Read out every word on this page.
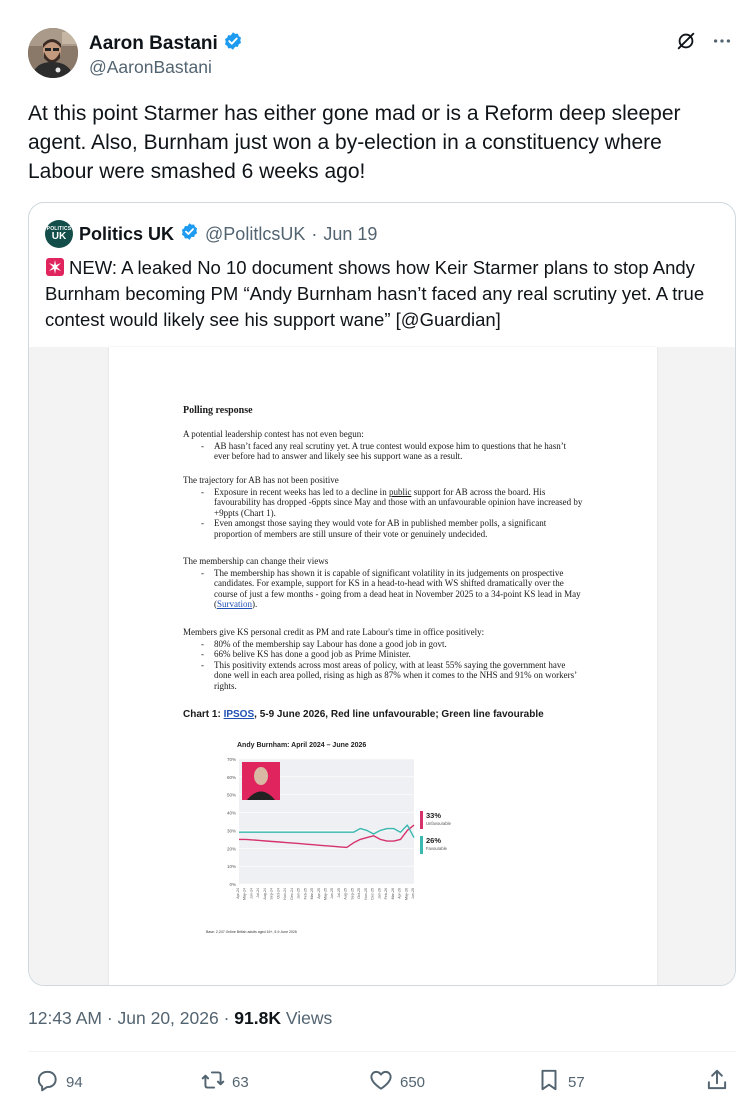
Aaron Bastani
@AaronBastani
At this point Starmer has either gone mad or is a Reform deep sleeper agent. Also, Burnham just won a by-election in a constituency where Labour were smashed 6 weeks ago!
POLITICS
UK Politics UK @PolitlcsUK · Jun 19
NEW: A leaked No 10 document shows how Keir Starmer plans to stop Andy Burnham becoming PM “Andy Burnham hasn’t faced any real scrutiny yet. A true contest would likely see his support wane” [@Guardian]
Polling response
A potential leadership contest has not even begun:
- AB hasn’t faced any real scrutiny yet. A true contest would expose him to questions that he hasn’t ever before had to answer and likely see his support wane as a result.
The trajectory for AB has not been positive
- Exposure in recent weeks has led to a decline in public support for AB across the board. His favourability has dropped -6ppts since May and those with an unfavourable opinion have increased by +9ppts (Chart 1).
- Even amongst those saying they would vote for AB in published member polls, a significant proportion of members are still unsure of their vote or genuinely undecided.
The membership can change their views
- The membership has shown it is capable of significant volatility in its judgements on prospective candidates. For example, support for KS in a head-to-head with WS shifted dramatically over the course of just a few months - going from a dead heat in November 2025 to a 34-point KS lead in May (Survation).
Members give KS personal credit as PM and rate Labour's time in office positively:
- 80% of the membership say Labour has done a good job in govt.
- 66% belive KS has done a good job as Prime Minister.
- This positivity extends across most areas of policy, with at least 55% saying the government have done well in each area polled, rising as high as 87% when it comes to the NHS and 91% on workers’ rights.
Chart 1: IPSOS, 5-9 June 2026, Red line unfavourable; Green line favourable
Andy Burnham: April 2024 – June 2026
70%
60%
50%
40%
30%
20%
10%
0%
Apr-24 May-24 Jun-24 Jul-24 Aug-24 Sep-24 Oct-24 Nov-24 Dec-24 Jan-25 Feb-25 Mar-25 Apr-25 May-25 Jun-25 Jul-25 Aug-25 Sep-25 Oct-25 Nov-25 Dec-25 Jan-26 Feb-26 Mar-26 Apr-26 May-26 Jun-26
33%
Unfavourable
26%
Favourable
Base: 2,247 Online British adults aged 16+, 5-9 June 2026
12:43 AM · Jun 20, 2026 · 91.8K Views
94	63	650	57
